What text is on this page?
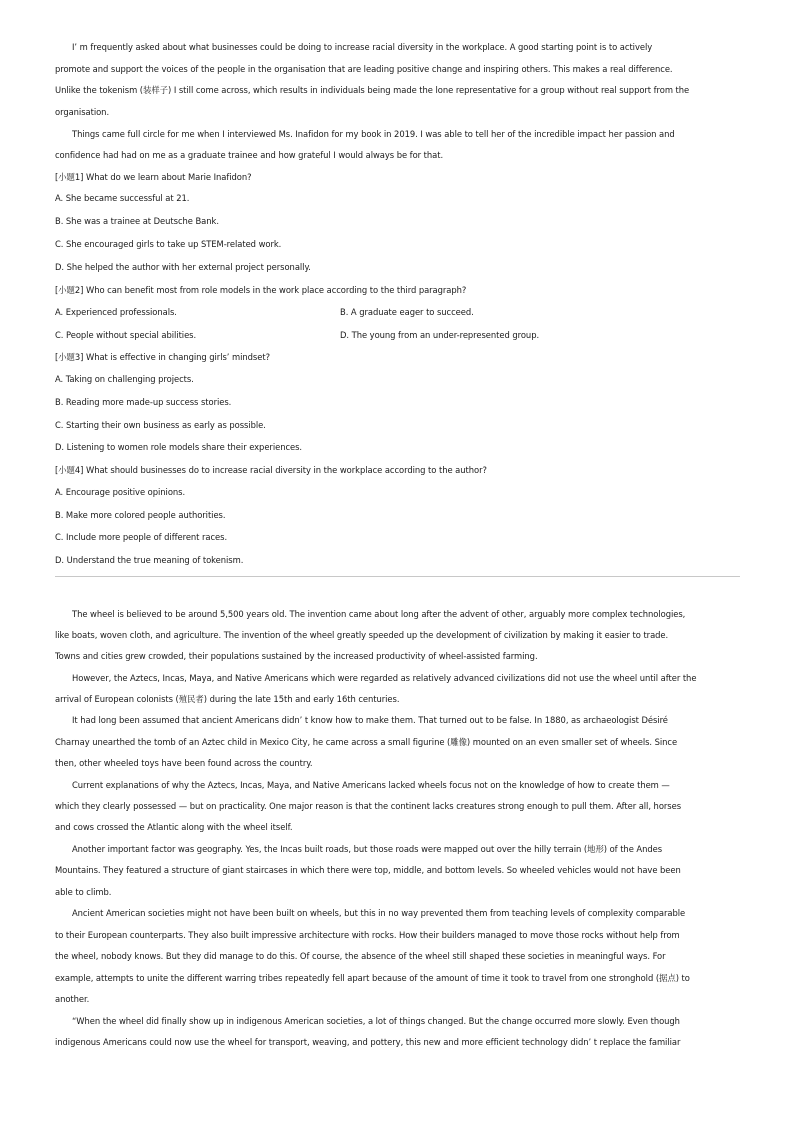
I’ m frequently asked about what businesses could be doing to increase racial diversity in the workplace. A good starting point is to actively
promote and support the voices of the people in the organisation that are leading positive change and inspiring others. This makes a real difference.
Unlike the tokenism (装样子) I still come across, which results in individuals being made the lone representative for a group without real support from the
organisation.
Things came full circle for me when I interviewed Ms. Inafidon for my book in 2019. I was able to tell her of the incredible impact her passion and
confidence had had on me as a graduate trainee and how grateful I would always be for that.
[小题1] What do we learn about Marie Inafidon?
A. She became successful at 21.
B. She was a trainee at Deutsche Bank.
C. She encouraged girls to take up STEM-related work.
D. She helped the author with her external project personally.
[小题2] Who can benefit most from role models in the work place according to the third paragraph?
A. Experienced professionals.	B. A graduate eager to succeed.
C. People without special abilities.	D. The young from an under-represented group.
[小题3] What is effective in changing girls’ mindset?
A. Taking on challenging projects.
B. Reading more made-up success stories.
C. Starting their own business as early as possible.
D. Listening to women role models share their experiences.
[小题4] What should businesses do to increase racial diversity in the workplace according to the author?
A. Encourage positive opinions.
B. Make more colored people authorities.
C. Include more people of different races.
D. Understand the true meaning of tokenism.
The wheel is believed to be around 5,500 years old. The invention came about long after the advent of other, arguably more complex technologies,
like boats, woven cloth, and agriculture. The invention of the wheel greatly speeded up the development of civilization by making it easier to trade.
Towns and cities grew crowded, their populations sustained by the increased productivity of wheel-assisted farming.
However, the Aztecs, Incas, Maya, and Native Americans which were regarded as relatively advanced civilizations did not use the wheel until after the
arrival of European colonists (殖民者) during the late 15th and early 16th centuries.
It had long been assumed that ancient Americans didn’ t know how to make them. That turned out to be false. In 1880, as archaeologist Désiré
Charnay unearthed the tomb of an Aztec child in Mexico City, he came across a small figurine (雕像) mounted on an even smaller set of wheels. Since
then, other wheeled toys have been found across the country.
Current explanations of why the Aztecs, Incas, Maya, and Native Americans lacked wheels focus not on the knowledge of how to create them —
which they clearly possessed — but on practicality. One major reason is that the continent lacks creatures strong enough to pull them. After all, horses
and cows crossed the Atlantic along with the wheel itself.
Another important factor was geography. Yes, the Incas built roads, but those roads were mapped out over the hilly terrain (地形) of the Andes
Mountains. They featured a structure of giant staircases in which there were top, middle, and bottom levels. So wheeled vehicles would not have been
able to climb.
Ancient American societies might not have been built on wheels, but this in no way prevented them from teaching levels of complexity comparable
to their European counterparts. They also built impressive architecture with rocks. How their builders managed to move those rocks without help from
the wheel, nobody knows. But they did manage to do this. Of course, the absence of the wheel still shaped these societies in meaningful ways. For
example, attempts to unite the different warring tribes repeatedly fell apart because of the amount of time it took to travel from one stronghold (据点) to
another.
“When the wheel did finally show up in indigenous American societies, a lot of things changed. But the change occurred more slowly. Even though
indigenous Americans could now use the wheel for transport, weaving, and pottery, this new and more efficient technology didn’ t replace the familiar
